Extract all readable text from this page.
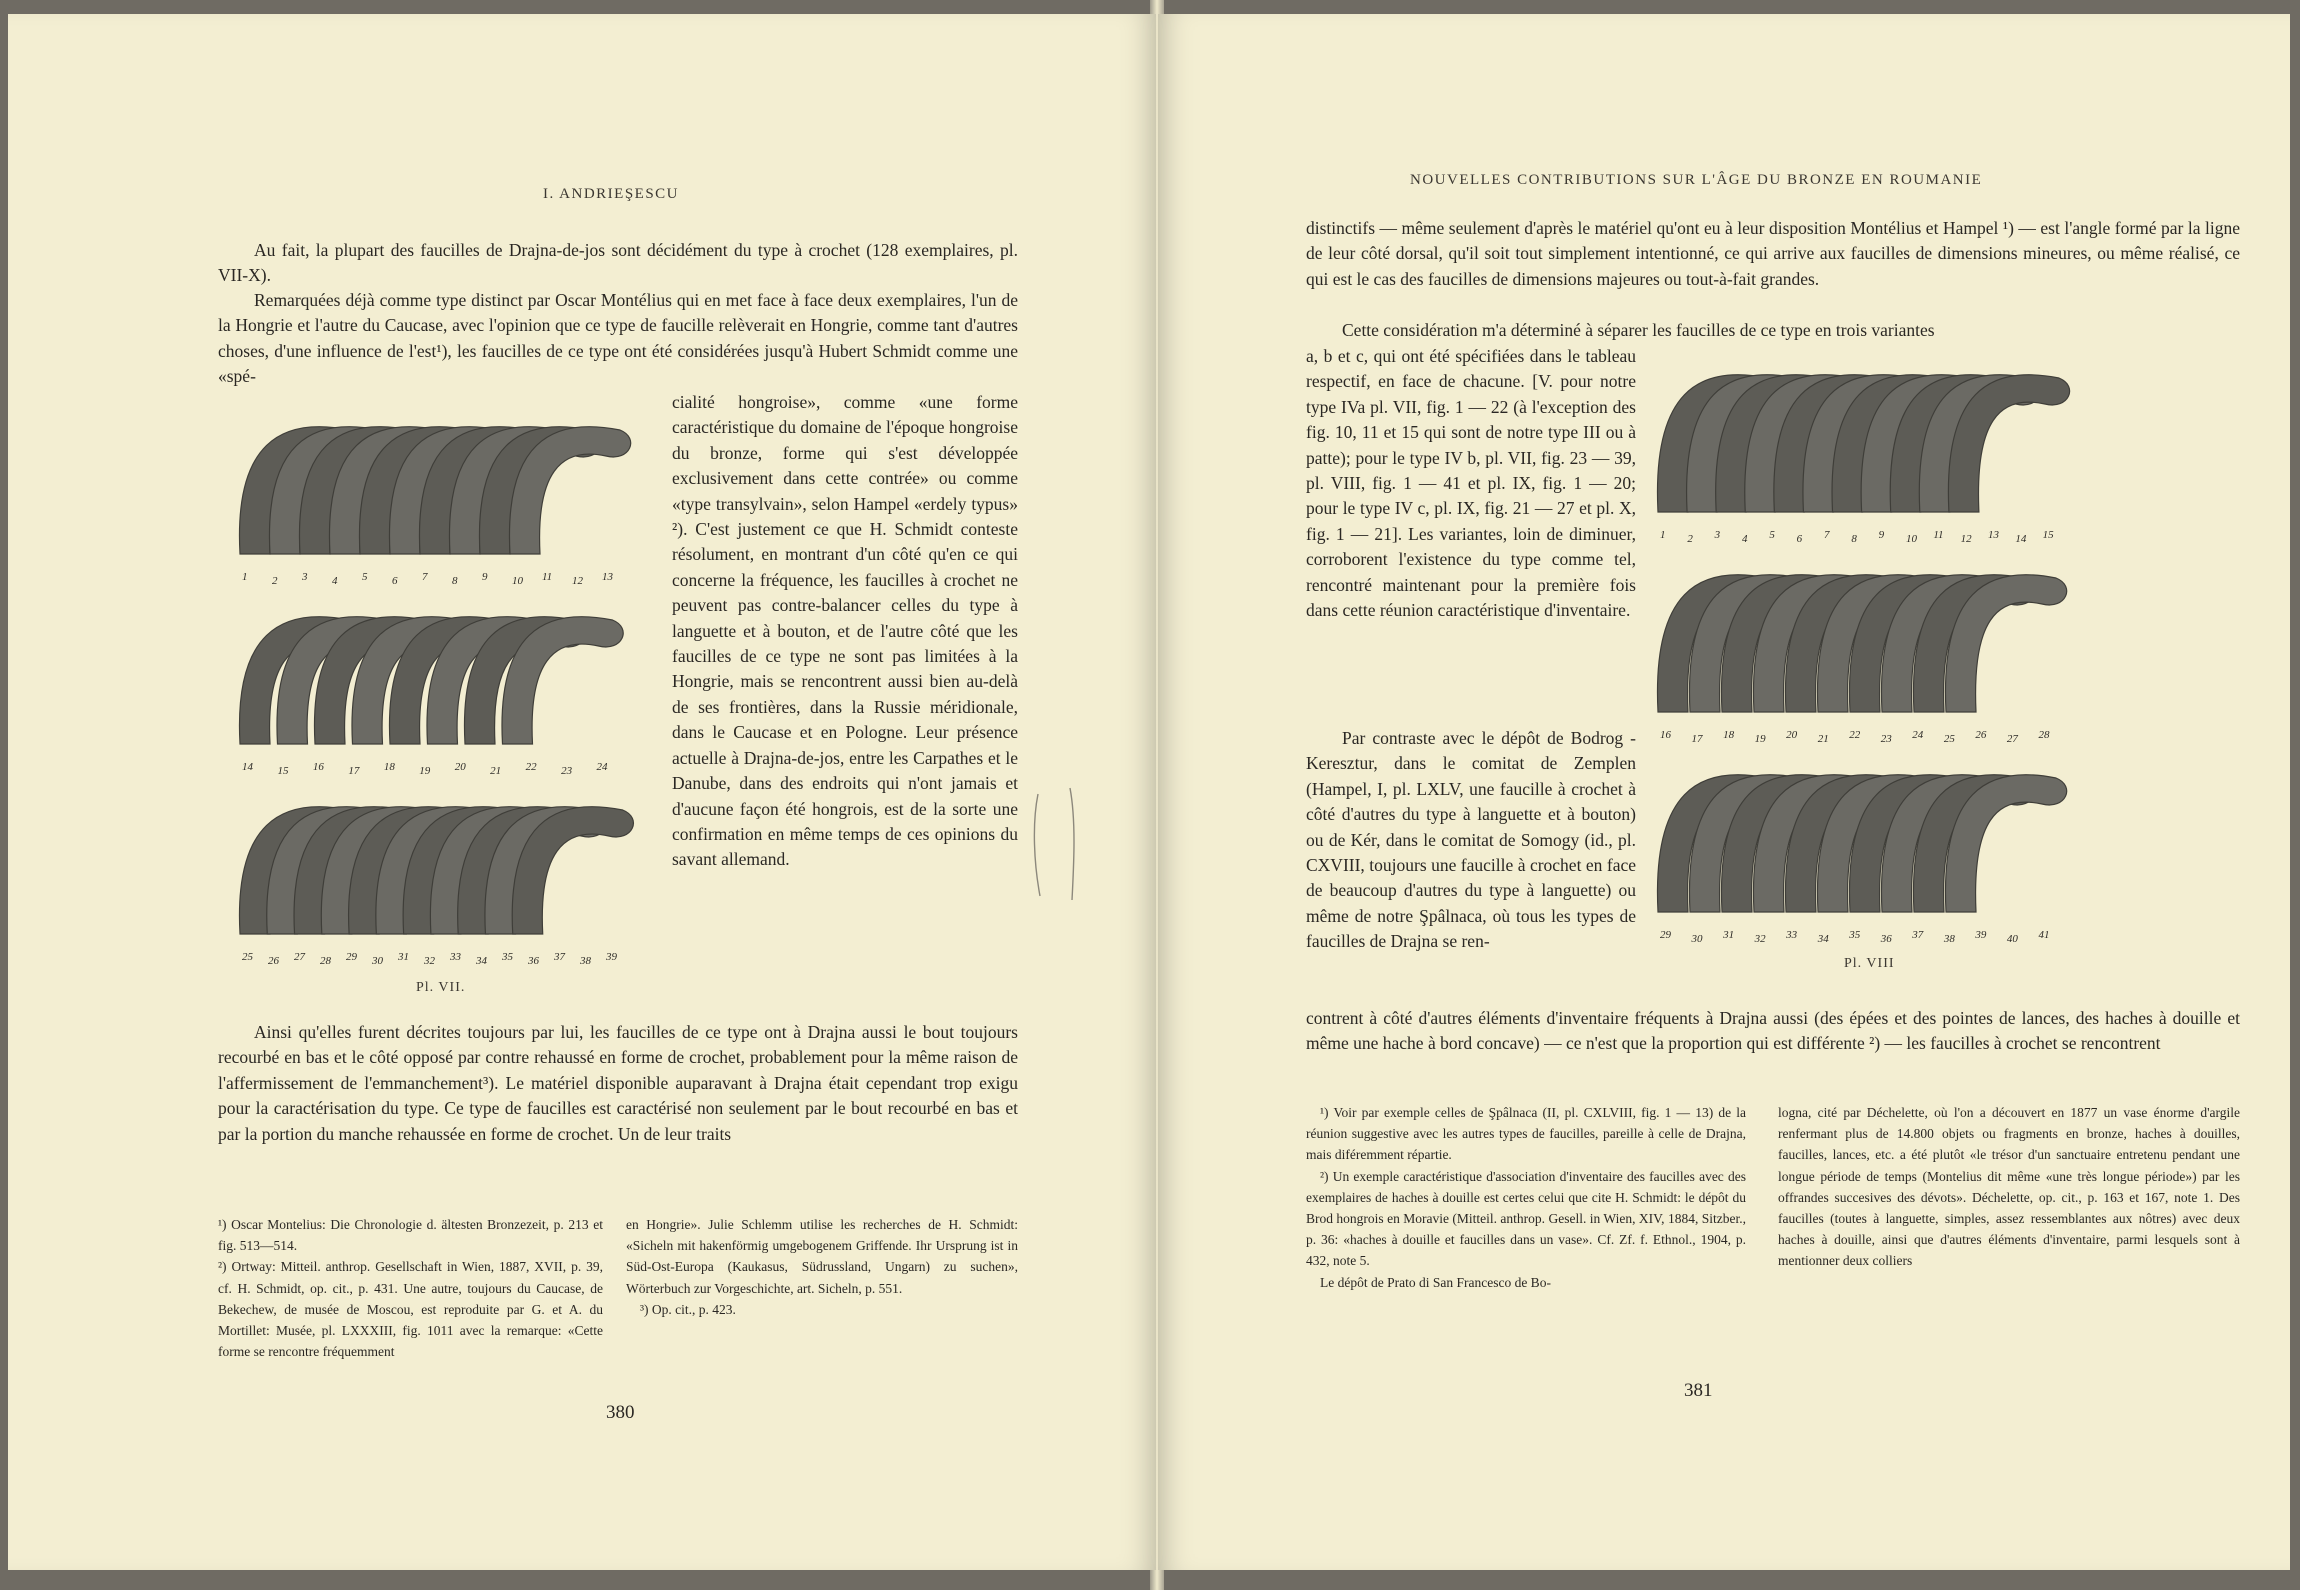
I. ANDRIEŞESCU

Au fait, la plupart des faucilles de Drajna-de-jos sont décidément du type à crochet (128 exemplaires, pl. VII-X).

Remarquées déjà comme type distinct par Oscar Montélius qui en met face à face deux exemplaires, l'un de la Hongrie et l'autre du Caucase, avec l'opinion que ce type de faucille relèverait en Hongrie, comme tant d'autres choses, d'une influence de l'est¹), les faucilles de ce type ont été considérées jusqu'à Hubert Schmidt comme une «spé-

cialité hongroise», comme «une forme caractéristique du domaine de l'époque hongroise du bronze, forme qui s'est développée exclusivement dans cette contrée» ou comme «type transylvain», selon Hampel «erdely typus» ²). C'est justement ce que H. Schmidt conteste résolument, en montrant d'un côté qu'en ce qui concerne la fréquence, les faucilles à crochet ne peuvent pas contre-balancer celles du type à languette et à bouton, et de l'autre côté que les faucilles de ce type ne sont pas limitées à la Hongrie, mais se rencontrent aussi bien au-delà de ses frontières, dans la Russie méridionale, dans le Caucase et en Pologne. Leur présence actuelle à Drajna-de-jos, entre les Carpathes et le Danube, dans des endroits qui n'ont jamais et d'aucune façon été hongrois, est de la sorte une confirmation en même temps de ces opinions du savant allemand.

1 2 3 4 5 6 7 8 9 10 11 12 13
14 15 16 17 18 19 20 21 22 23 24
25 26 27 28 29 30 31 32 33 34 35 36 37 38 39
Pl. VII.

Ainsi qu'elles furent décrites toujours par lui, les faucilles de ce type ont à Drajna aussi le bout toujours recourbé en bas et le côté opposé par contre rehaussé en forme de crochet, probablement pour la même raison de l'affermissement de l'emmanchement³). Le matériel disponible auparavant à Drajna était cependant trop exigu pour la caractérisation du type. Ce type de faucilles est caractérisé non seulement par le bout recourbé en bas et par la portion du manche rehaussée en forme de crochet. Un de leur traits

¹) Oscar Montelius: Die Chronologie d. ältesten Bronzezeit, p. 213 et fig. 513—514.

²) Ortway: Mitteil. anthrop. Gesellschaft in Wien, 1887, XVII, p. 39, cf. H. Schmidt, op. cit., p. 431. Une autre, toujours du Caucase, de Bekechew, de musée de Moscou, est reproduite par G. et A. du Mortillet: Musée, pl. LXXXIII, fig. 1011 avec la remarque: «Cette forme se rencontre fréquemment

en Hongrie». Julie Schlemm utilise les recherches de H. Schmidt: «Sicheln mit hakenförmig umgebogenem Griffende. Ihr Ursprung ist in Süd-Ost-Europa (Kaukasus, Südrussland, Ungarn) zu suchen», Wörterbuch zur Vorgeschichte, art. Sicheln, p. 551.

³) Op. cit., p. 423.

380
NOUVELLES CONTRIBUTIONS SUR L'ÂGE DU BRONZE EN ROUMANIE

distinctifs — même seulement d'après le matériel qu'ont eu à leur disposition Montélius et Hampel ¹) — est l'angle formé par la ligne de leur côté dorsal, qu'il soit tout simplement intentionné, ce qui arrive aux faucilles de dimensions mineures, ou même réalisé, ce qui est le cas des faucilles de dimensions majeures ou tout-à-fait grandes.

Cette considération m'a déterminé à séparer les faucilles de ce type en trois variantes

a, b et c, qui ont été spécifiées dans le tableau respectif, en face de chacune. [V. pour notre type IVa pl. VII, fig. 1 — 22 (à l'exception des fig. 10, 11 et 15 qui sont de notre type III ou à patte); pour le type IV b, pl. VII, fig. 23 — 39, pl. VIII, fig. 1 — 41 et pl. IX, fig. 1 — 20; pour le type IV c, pl. IX, fig. 21 — 27 et pl. X, fig. 1 — 21]. Les variantes, loin de diminuer, corroborent l'existence du type comme tel, rencontré maintenant pour la première fois dans cette réunion caractéristique d'inventaire.

Par contraste avec le dépôt de Bodrog - Keresztur, dans le comitat de Zemplen (Hampel, I, pl. LXLV, une faucille à crochet à côté d'autres du type à languette et à bouton) ou de Kér, dans le comitat de Somogy (id., pl. CXVIII, toujours une faucille à crochet en face de beaucoup d'autres du type à languette) ou même de notre Şpâlnaca, où tous les types de faucilles de Drajna se ren-

1 2 3 4 5 6 7 8 9 10 11 12 13 14 15
16 17 18 19 20 21 22 23 24 25 26 27 28
29 30 31 32 33 34 35 36 37 38 39 40 41
Pl. VIII

contrent à côté d'autres éléments d'inventaire fréquents à Drajna aussi (des épées et des pointes de lances, des haches à douille et même une hache à bord concave) — ce n'est que la proportion qui est différente ²) — les faucilles à crochet se rencontrent

¹) Voir par exemple celles de Şpâlnaca (II, pl. CXLVIII, fig. 1 — 13) de la réunion suggestive avec les autres types de faucilles, pareille à celle de Drajna, mais diféremment répartie.

²) Un exemple caractéristique d'association d'inventaire des faucilles avec des exemplaires de haches à douille est certes celui que cite H. Schmidt: le dépôt du Brod hongrois en Moravie (Mitteil. anthrop. Gesell. in Wien, XIV, 1884, Sitzber., p. 36: «haches à douille et faucilles dans un vase». Cf. Zf. f. Ethnol., 1904, p. 432, note 5.

Le dépôt de Prato di San Francesco de Bo-

logna, cité par Déchelette, où l'on a découvert en 1877 un vase énorme d'argile renfermant plus de 14.800 objets ou fragments en bronze, haches à douilles, faucilles, lances, etc. a été plutôt «le trésor d'un sanctuaire entretenu pendant une longue période de temps (Montelius dit même «une très longue période») par les offrandes succesives des dévots». Déchelette, op. cit., p. 163 et 167, note 1. Des faucilles (toutes à languette, simples, assez ressemblantes aux nôtres) avec deux haches à douille, ainsi que d'autres éléments d'inventaire, parmi lesquels sont à mentionner deux colliers

381
